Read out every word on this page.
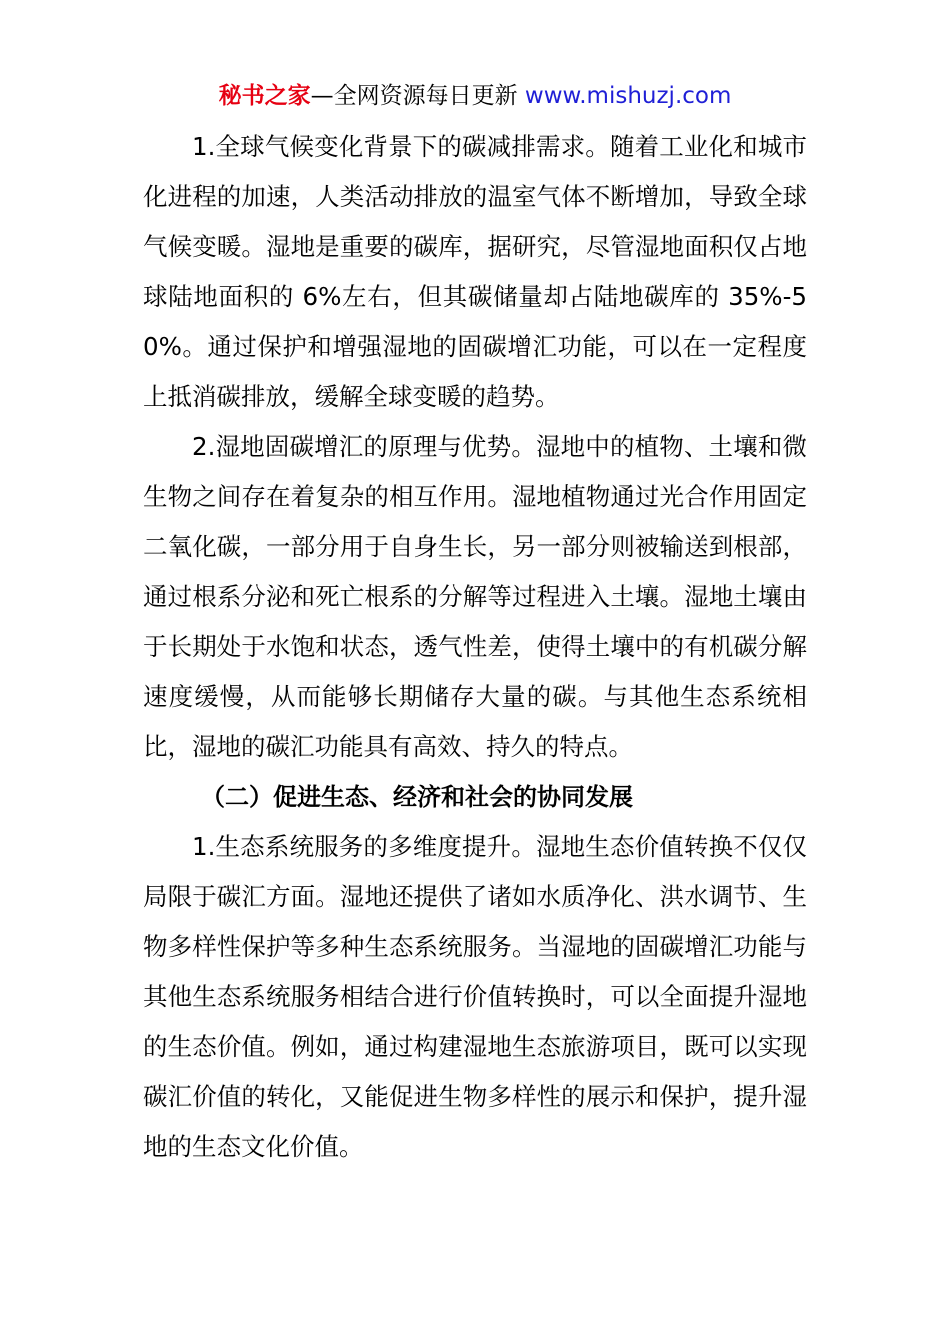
秘书之家—全网资源每日更新 www.mishuzj.com

1.全球气候变化背景下的碳减排需求。随着工业化和城市化进程的加速，人类活动排放的温室气体不断增加，导致全球气候变暖。湿地是重要的碳库，据研究，尽管湿地面积仅占地球陆地面积的 6%左右，但其碳储量却占陆地碳库的 35%-50%。通过保护和增强湿地的固碳增汇功能，可以在一定程度上抵消碳排放，缓解全球变暖的趋势。

2.湿地固碳增汇的原理与优势。湿地中的植物、土壤和微生物之间存在着复杂的相互作用。湿地植物通过光合作用固定二氧化碳，一部分用于自身生长，另一部分则被输送到根部，通过根系分泌和死亡根系的分解等过程进入土壤。湿地土壤由于长期处于水饱和状态，透气性差，使得土壤中的有机碳分解速度缓慢，从而能够长期储存大量的碳。与其他生态系统相比，湿地的碳汇功能具有高效、持久的特点。

（二）促进生态、经济和社会的协同发展

1.生态系统服务的多维度提升。湿地生态价值转换不仅仅局限于碳汇方面。湿地还提供了诸如水质净化、洪水调节、生物多样性保护等多种生态系统服务。当湿地的固碳增汇功能与其他生态系统服务相结合进行价值转换时，可以全面提升湿地的生态价值。例如，通过构建湿地生态旅游项目，既可以实现碳汇价值的转化，又能促进生物多样性的展示和保护，提升湿地的生态文化价值。
